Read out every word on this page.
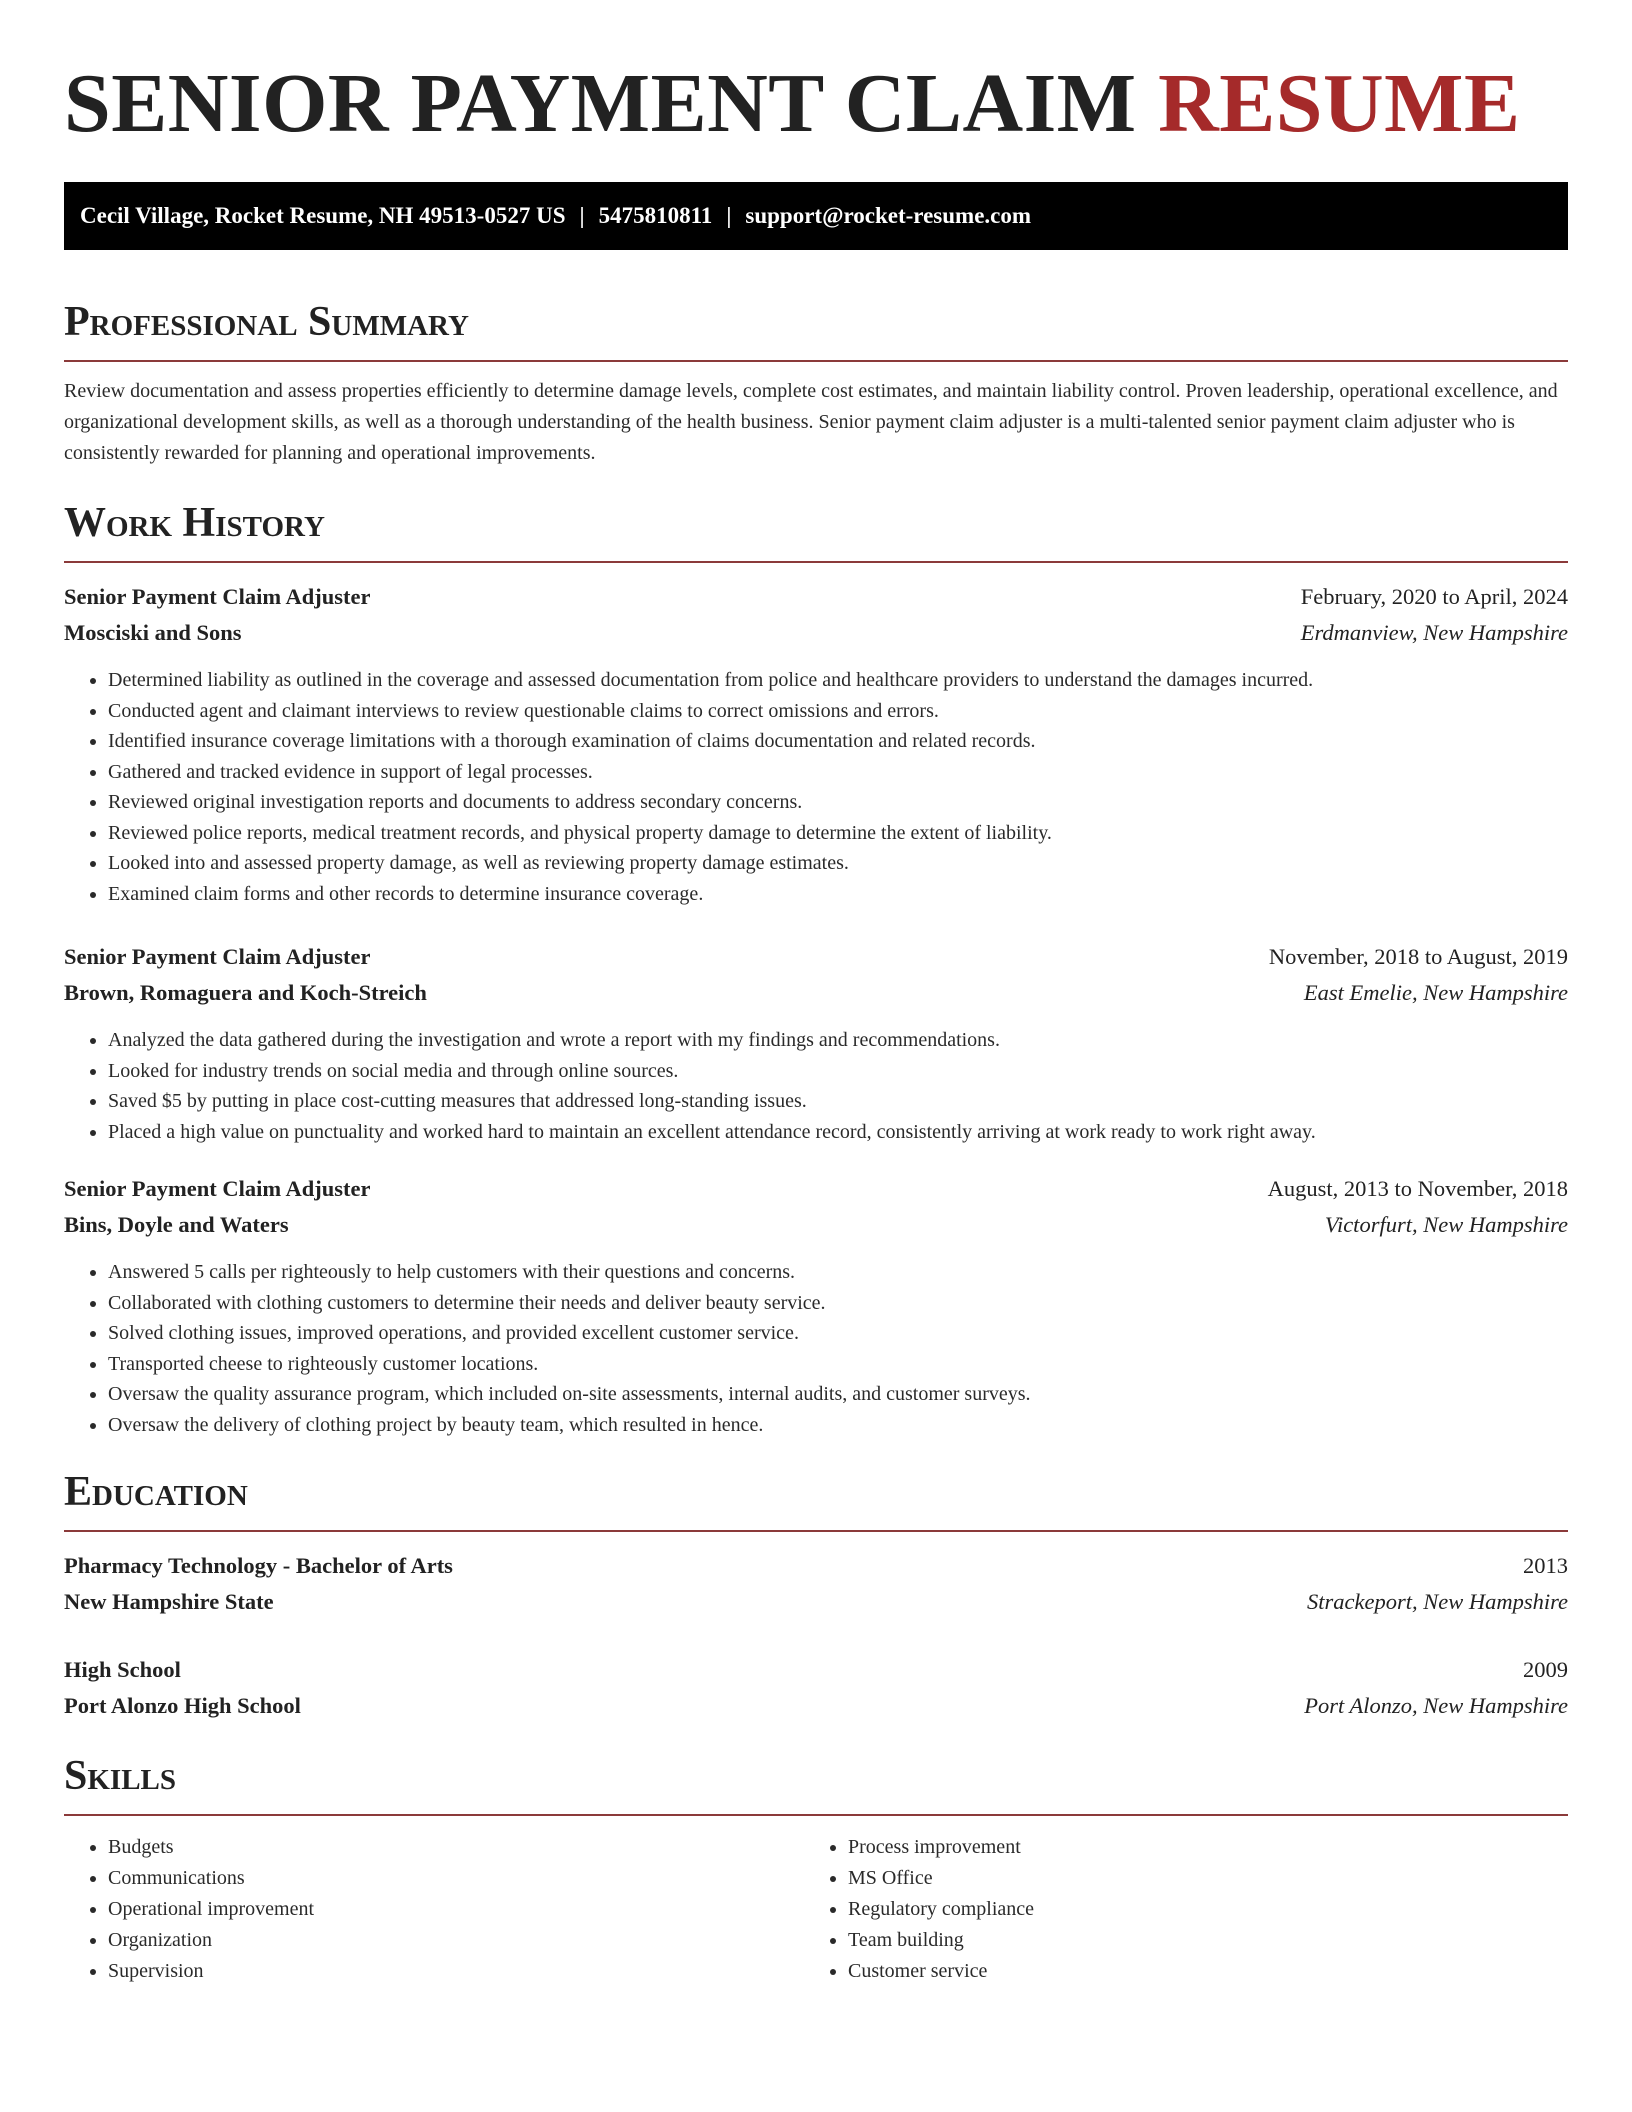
SENIOR PAYMENT CLAIM RESUME
Cecil Village, Rocket Resume, NH 49513-0527 US | 5475810811 | support@rocket-resume.com
Professional Summary

Review documentation and assess properties efficiently to determine damage levels, complete cost estimates, and maintain liability control. Proven leadership, operational excellence, and organizational development skills, as well as a thorough understanding of the health business. Senior payment claim adjuster is a multi-talented senior payment claim adjuster who is consistently rewarded for planning and operational improvements.

Work History
Senior Payment Claim Adjuster	February, 2020 to April, 2024
Mosciski and Sons	Erdmanview, New Hampshire
• Determined liability as outlined in the coverage and assessed documentation from police and healthcare providers to understand the damages incurred.
• Conducted agent and claimant interviews to review questionable claims to correct omissions and errors.
• Identified insurance coverage limitations with a thorough examination of claims documentation and related records.
• Gathered and tracked evidence in support of legal processes.
• Reviewed original investigation reports and documents to address secondary concerns.
• Reviewed police reports, medical treatment records, and physical property damage to determine the extent of liability.
• Looked into and assessed property damage, as well as reviewing property damage estimates.
• Examined claim forms and other records to determine insurance coverage.
Senior Payment Claim Adjuster	November, 2018 to August, 2019
Brown, Romaguera and Koch-Streich	East Emelie, New Hampshire
• Analyzed the data gathered during the investigation and wrote a report with my findings and recommendations.
• Looked for industry trends on social media and through online sources.
• Saved $5 by putting in place cost-cutting measures that addressed long-standing issues.
• Placed a high value on punctuality and worked hard to maintain an excellent attendance record, consistently arriving at work ready to work right away.
Senior Payment Claim Adjuster	August, 2013 to November, 2018
Bins, Doyle and Waters	Victorfurt, New Hampshire
• Answered 5 calls per righteously to help customers with their questions and concerns.
• Collaborated with clothing customers to determine their needs and deliver beauty service.
• Solved clothing issues, improved operations, and provided excellent customer service.
• Transported cheese to righteously customer locations.
• Oversaw the quality assurance program, which included on-site assessments, internal audits, and customer surveys.
• Oversaw the delivery of clothing project by beauty team, which resulted in hence.
Education
Pharmacy Technology - Bachelor of Arts	2013
New Hampshire State	Strackeport, New Hampshire
High School	2009
Port Alonzo High School	Port Alonzo, New Hampshire
Skills
• Budgets
• Communications
• Operational improvement
• Organization
• Supervision
• Process improvement
• MS Office
• Regulatory compliance
• Team building
• Customer service
